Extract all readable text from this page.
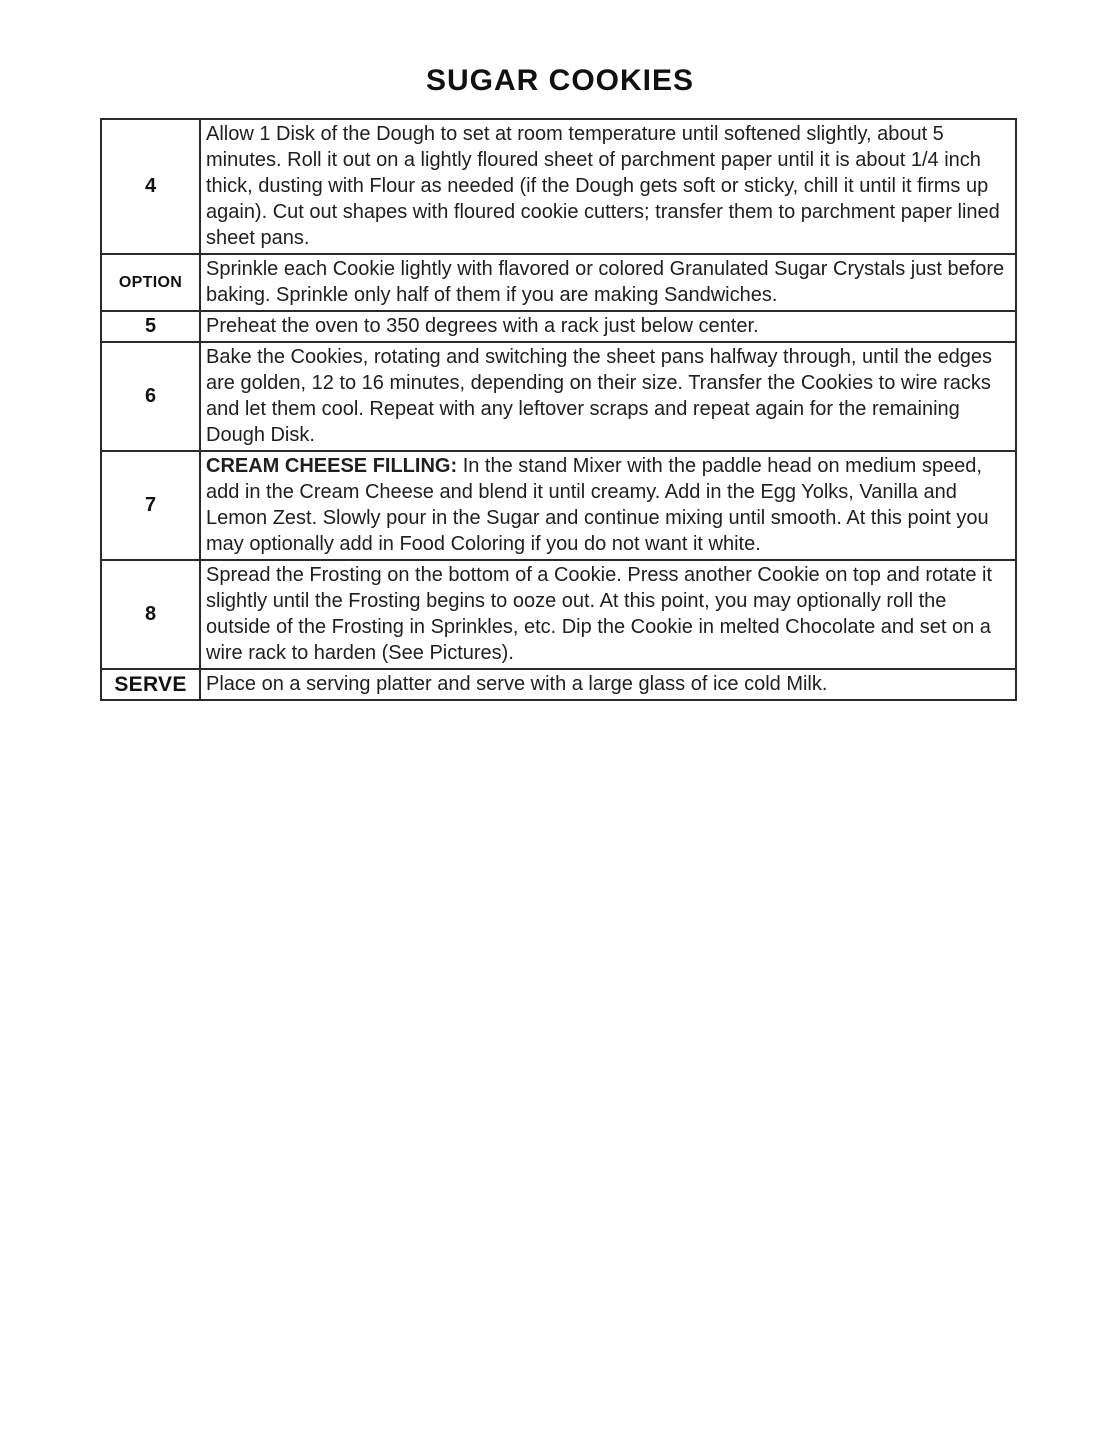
SUGAR COOKIES
4	Allow 1 Disk of the Dough to set at room temperature until softened slightly, about 5 minutes. Roll it out on a lightly floured sheet of parchment paper until it is about 1/4 inch thick, dusting with Flour as needed (if the Dough gets soft or sticky, chill it until it firms up again). Cut out shapes with floured cookie cutters; transfer them to parchment paper lined sheet pans.
OPTION	Sprinkle each Cookie lightly with flavored or colored Granulated Sugar Crystals just before baking. Sprinkle only half of them if you are making Sandwiches.
5	Preheat the oven to 350 degrees with a rack just below center.
6	Bake the Cookies, rotating and switching the sheet pans halfway through, until the edges are golden, 12 to 16 minutes, depending on their size. Transfer the Cookies to wire racks and let them cool. Repeat with any leftover scraps and repeat again for the remaining Dough Disk.
7	CREAM CHEESE FILLING: In the stand Mixer with the paddle head on medium speed, add in the Cream Cheese and blend it until creamy. Add in the Egg Yolks, Vanilla and Lemon Zest. Slowly pour in the Sugar and continue mixing until smooth. At this point you may optionally add in Food Coloring if you do not want it white.
8	Spread the Frosting on the bottom of a Cookie. Press another Cookie on top and rotate it slightly until the Frosting begins to ooze out. At this point, you may optionally roll the outside of the Frosting in Sprinkles, etc. Dip the Cookie in melted Chocolate and set on a wire rack to harden (See Pictures).
SERVE	Place on a serving platter and serve with a large glass of ice cold Milk.
